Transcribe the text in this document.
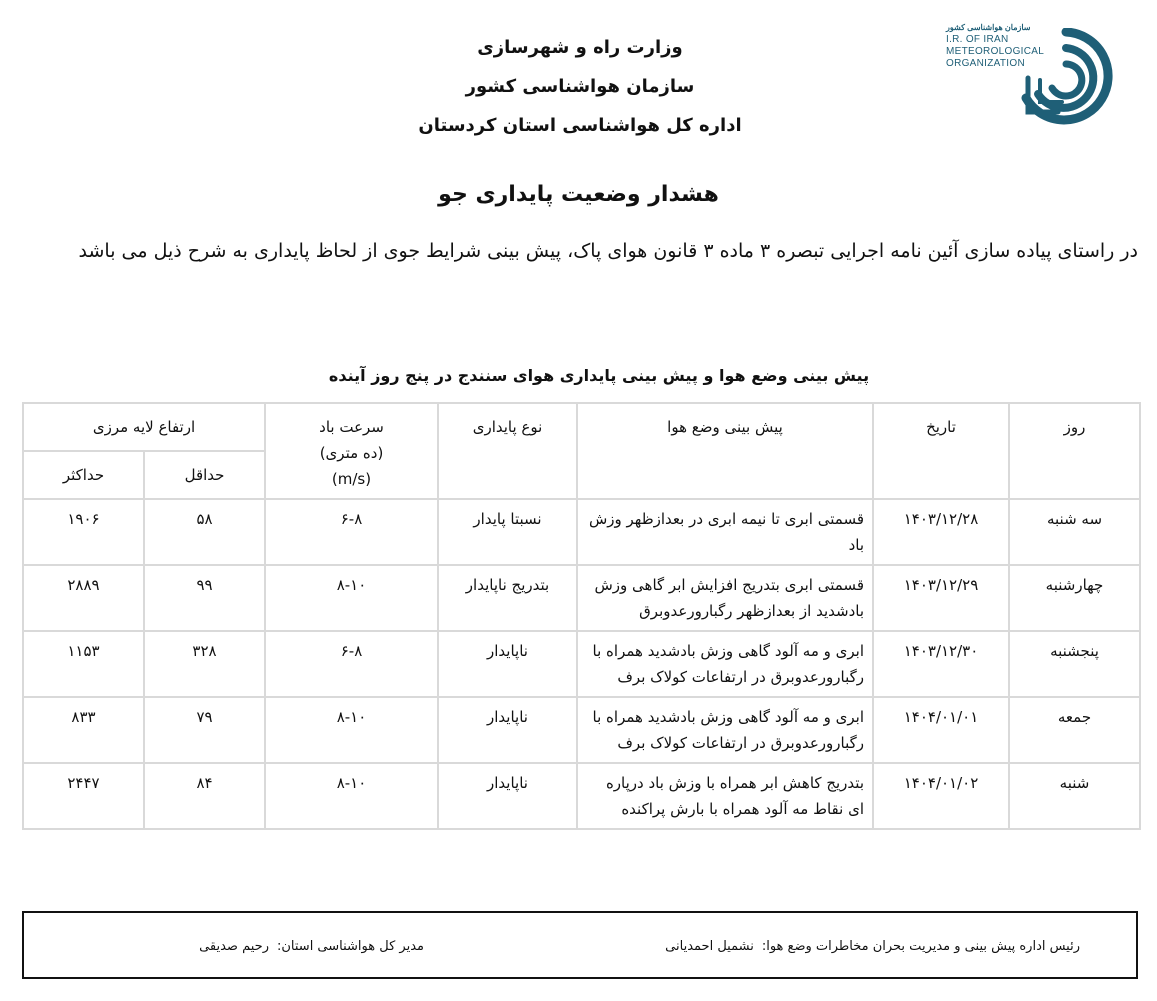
وزارت راه و شهرسازی
سازمان هواشناسی کشور
اداره کل هواشناسی استان کردستان
سازمان هواشناسی کشور
I.R. OF IRAN
METEOROLOGICAL
ORGANIZATION
هشدار وضعیت پایداری جو
در راستای پیاده سازی آئین نامه اجرایی تبصره ۳ ماده ۳ قانون هوای پاک، پیش بینی شرایط جوی از لحاظ پایداری به شرح ذیل می باشد
پیش بینی وضع هوا و پیش بینی پایداری هوای سنندج در پنج روز آینده
روز	تاریخ	پیش بینی وضع هوا	نوع پایداری	سرعت باد
(ده متری)
(m/s)	ارتفاع لایه مرزی	
					حداقل	حداکثر
سه شنبه	۱۴۰۳/۱۲/۲۸	قسمتی ابری تا نیمه ابری در بعدازظهر وزش باد	نسبتا پایدار	۶-۸	۵۸	۱۹۰۶
چهارشنبه	۱۴۰۳/۱۲/۲۹	قسمتی ابری بتدریج افزایش ابر گاهی وزش بادشدید از بعدازظهر رگبارورعدوبرق	بتدریج ناپایدار	۸-۱۰	۹۹	۲۸۸۹
پنجشنبه	۱۴۰۳/۱۲/۳۰	ابری و مه آلود گاهی وزش بادشدید همراه با رگبارورعدوبرق در ارتفاعات کولاک برف	ناپایدار	۶-۸	۳۲۸	۱۱۵۳
جمعه	۱۴۰۴/۰۱/۰۱	ابری و مه آلود گاهی وزش بادشدید همراه با رگبارورعدوبرق در ارتفاعات کولاک برف	ناپایدار	۸-۱۰	۷۹	۸۳۳
شنبه	۱۴۰۴/۰۱/۰۲	بتدریج کاهش ابر همراه با وزش باد درپاره ای نقاط مه آلود همراه با بارش پراکنده	ناپایدار	۸-۱۰	۸۴	۲۴۴۷
رئیس اداره پیش بینی و مدیریت بحران مخاطرات وضع هوا:نشمیل احمدیانی
مدیر کل هواشناسی استان:رحیم صدیقی
